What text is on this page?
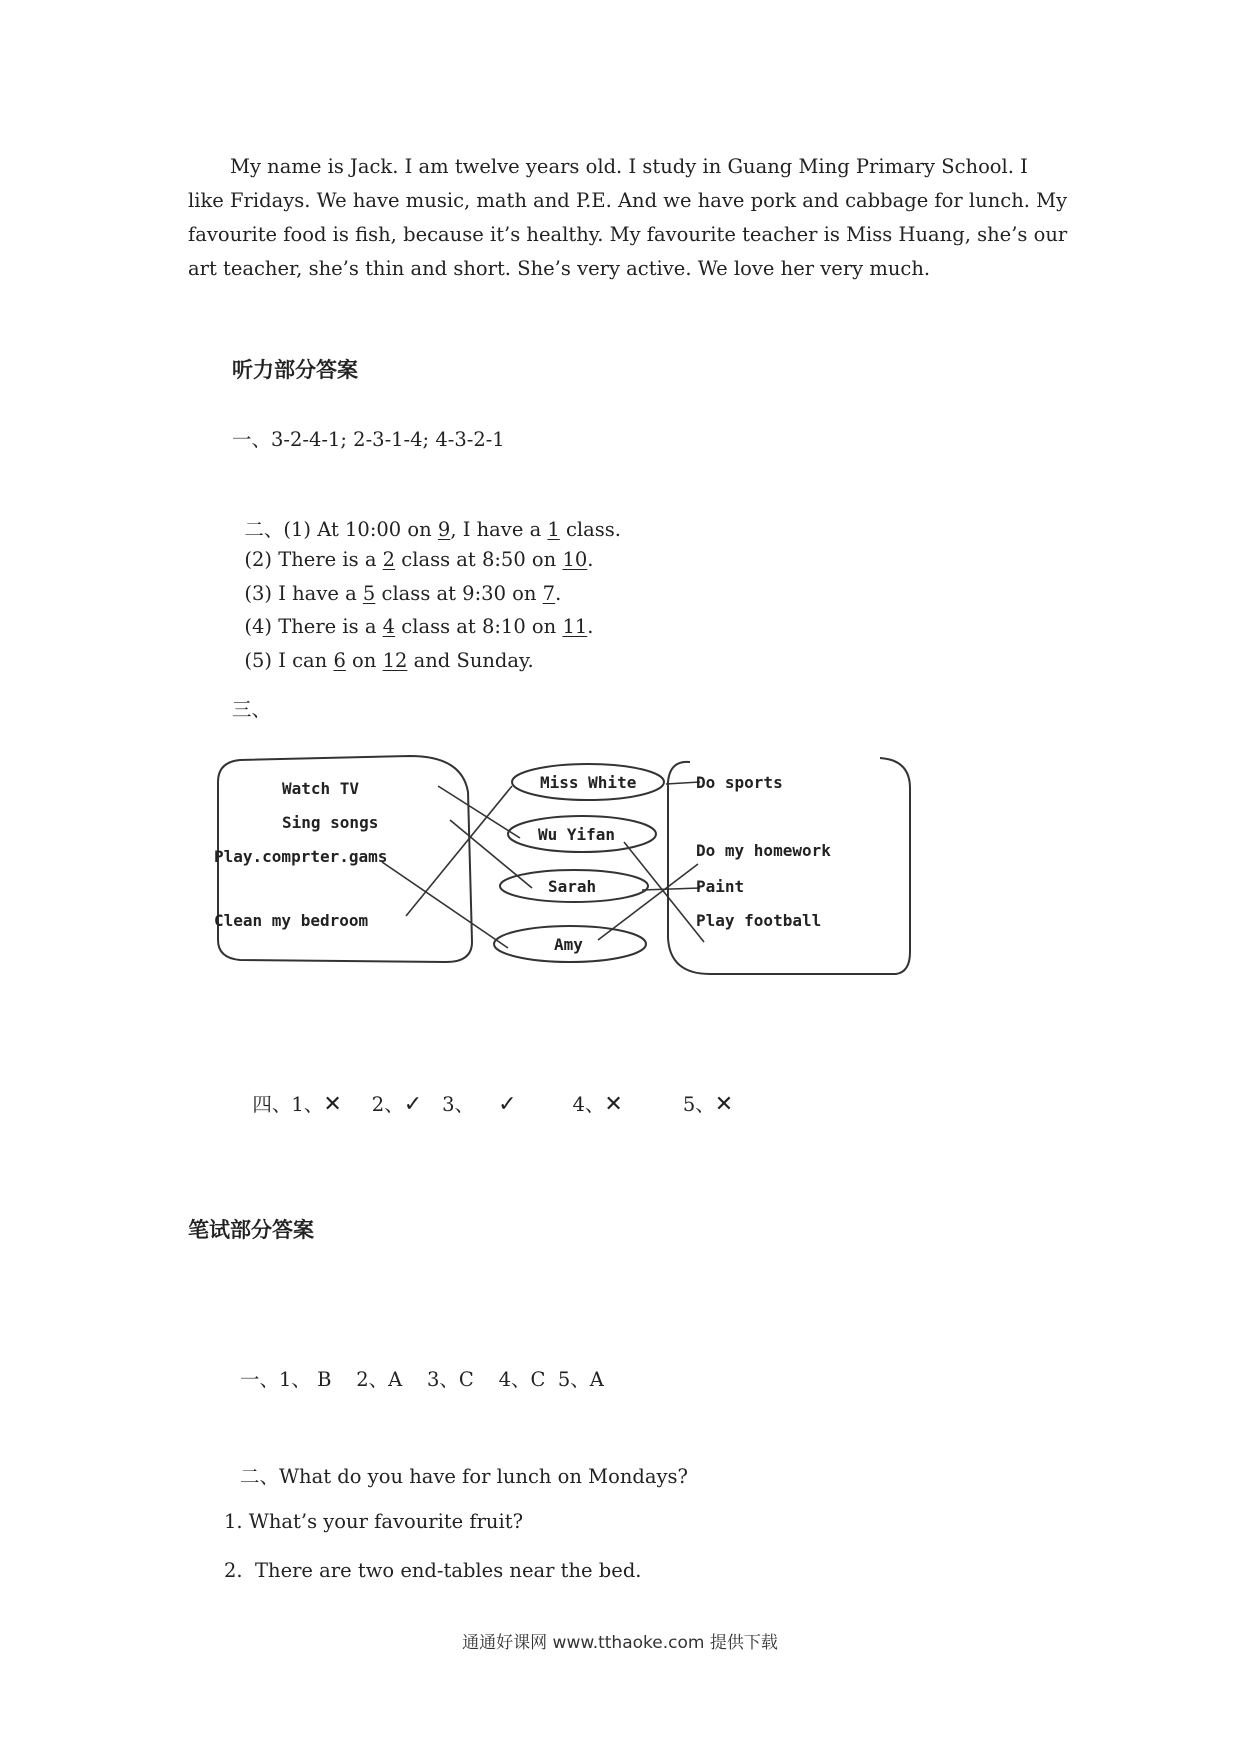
My name is Jack. I am twelve years old. I study in Guang Ming Primary School. I like Fridays. We have music, math and P.E. And we have pork and cabbage for lunch. My favourite food is fish, because it’s healthy. My favourite teacher is Miss Huang, she’s our art teacher, she’s thin and short. She’s very active. We love her very much.
听力部分答案
一、3-2-4-1; 2-3-1-4; 4-3-2-1

二、(1) At 10:00 on 9, I have a 1 class.

(2) There is a 2 class at 8:50 on 10.

(3) I have a 5 class at 9:30 on 7.

(4) There is a 4 class at 8:10 on 11.

(5) I can 6 on 12 and Sunday.

三、
Watch TV
Sing songs
Play.comprter.gams
Clean my bedroom
Miss White
Wu Yifan
Sarah
Amy
Do sports
Do my homework
Paint
Play football

四、1、✕ 2、✓ 3、 ✓	4、✕	5、✕

笔试部分答案
一、1、 B    2、A    3、C    4、C  5、A
二、What do you have for lunch on Mondays?
1. What’s your favourite fruit?
2.  There are two end-tables near the bed.
通通好课网 www.tthaoke.com 提供下载
